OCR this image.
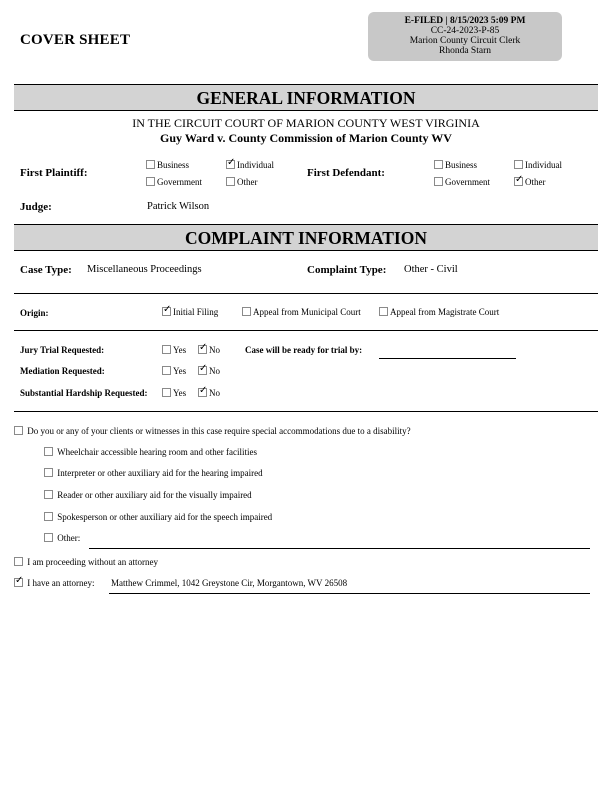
COVER SHEET
E-FILED | 8/15/2023 5:09 PM
CC-24-2023-P-85
Marion County Circuit Clerk
Rhonda Starn
GENERAL INFORMATION
IN THE CIRCUIT COURT OF MARION COUNTY WEST VIRGINIA
Guy Ward v. County Commission of Marion County WV
First Plaintiff:
Business ✓	Individual
Government	Other
First Defendant:
Business	Individual
Government ✓	Other
Judge:	Patrick Wilson
COMPLAINT INFORMATION
Case Type: Miscellaneous Proceedings	Complaint Type: Other - Civil
Origin: ✓	Initial Filing	Appeal from Municipal Court	Appeal from Magistrate Court
Jury Trial Requested:	Yes ✓	No	Case will be ready for trial by:
Mediation Requested:	Yes ✓	No
Substantial Hardship Requested:	Yes ✓	No
Do you or any of your clients or witnesses in this case require special accommodations due to a disability?
Wheelchair accessible hearing room and other facilities
Interpreter or other auxiliary aid for the hearing impaired
Reader or other auxiliary aid for the visually impaired
Spokesperson or other auxiliary aid for the speech impaired
Other:
I am proceeding without an attorney
✓ I have an attorney: Matthew Crimmel, 1042 Greystone Cir, Morgantown, WV 26508
